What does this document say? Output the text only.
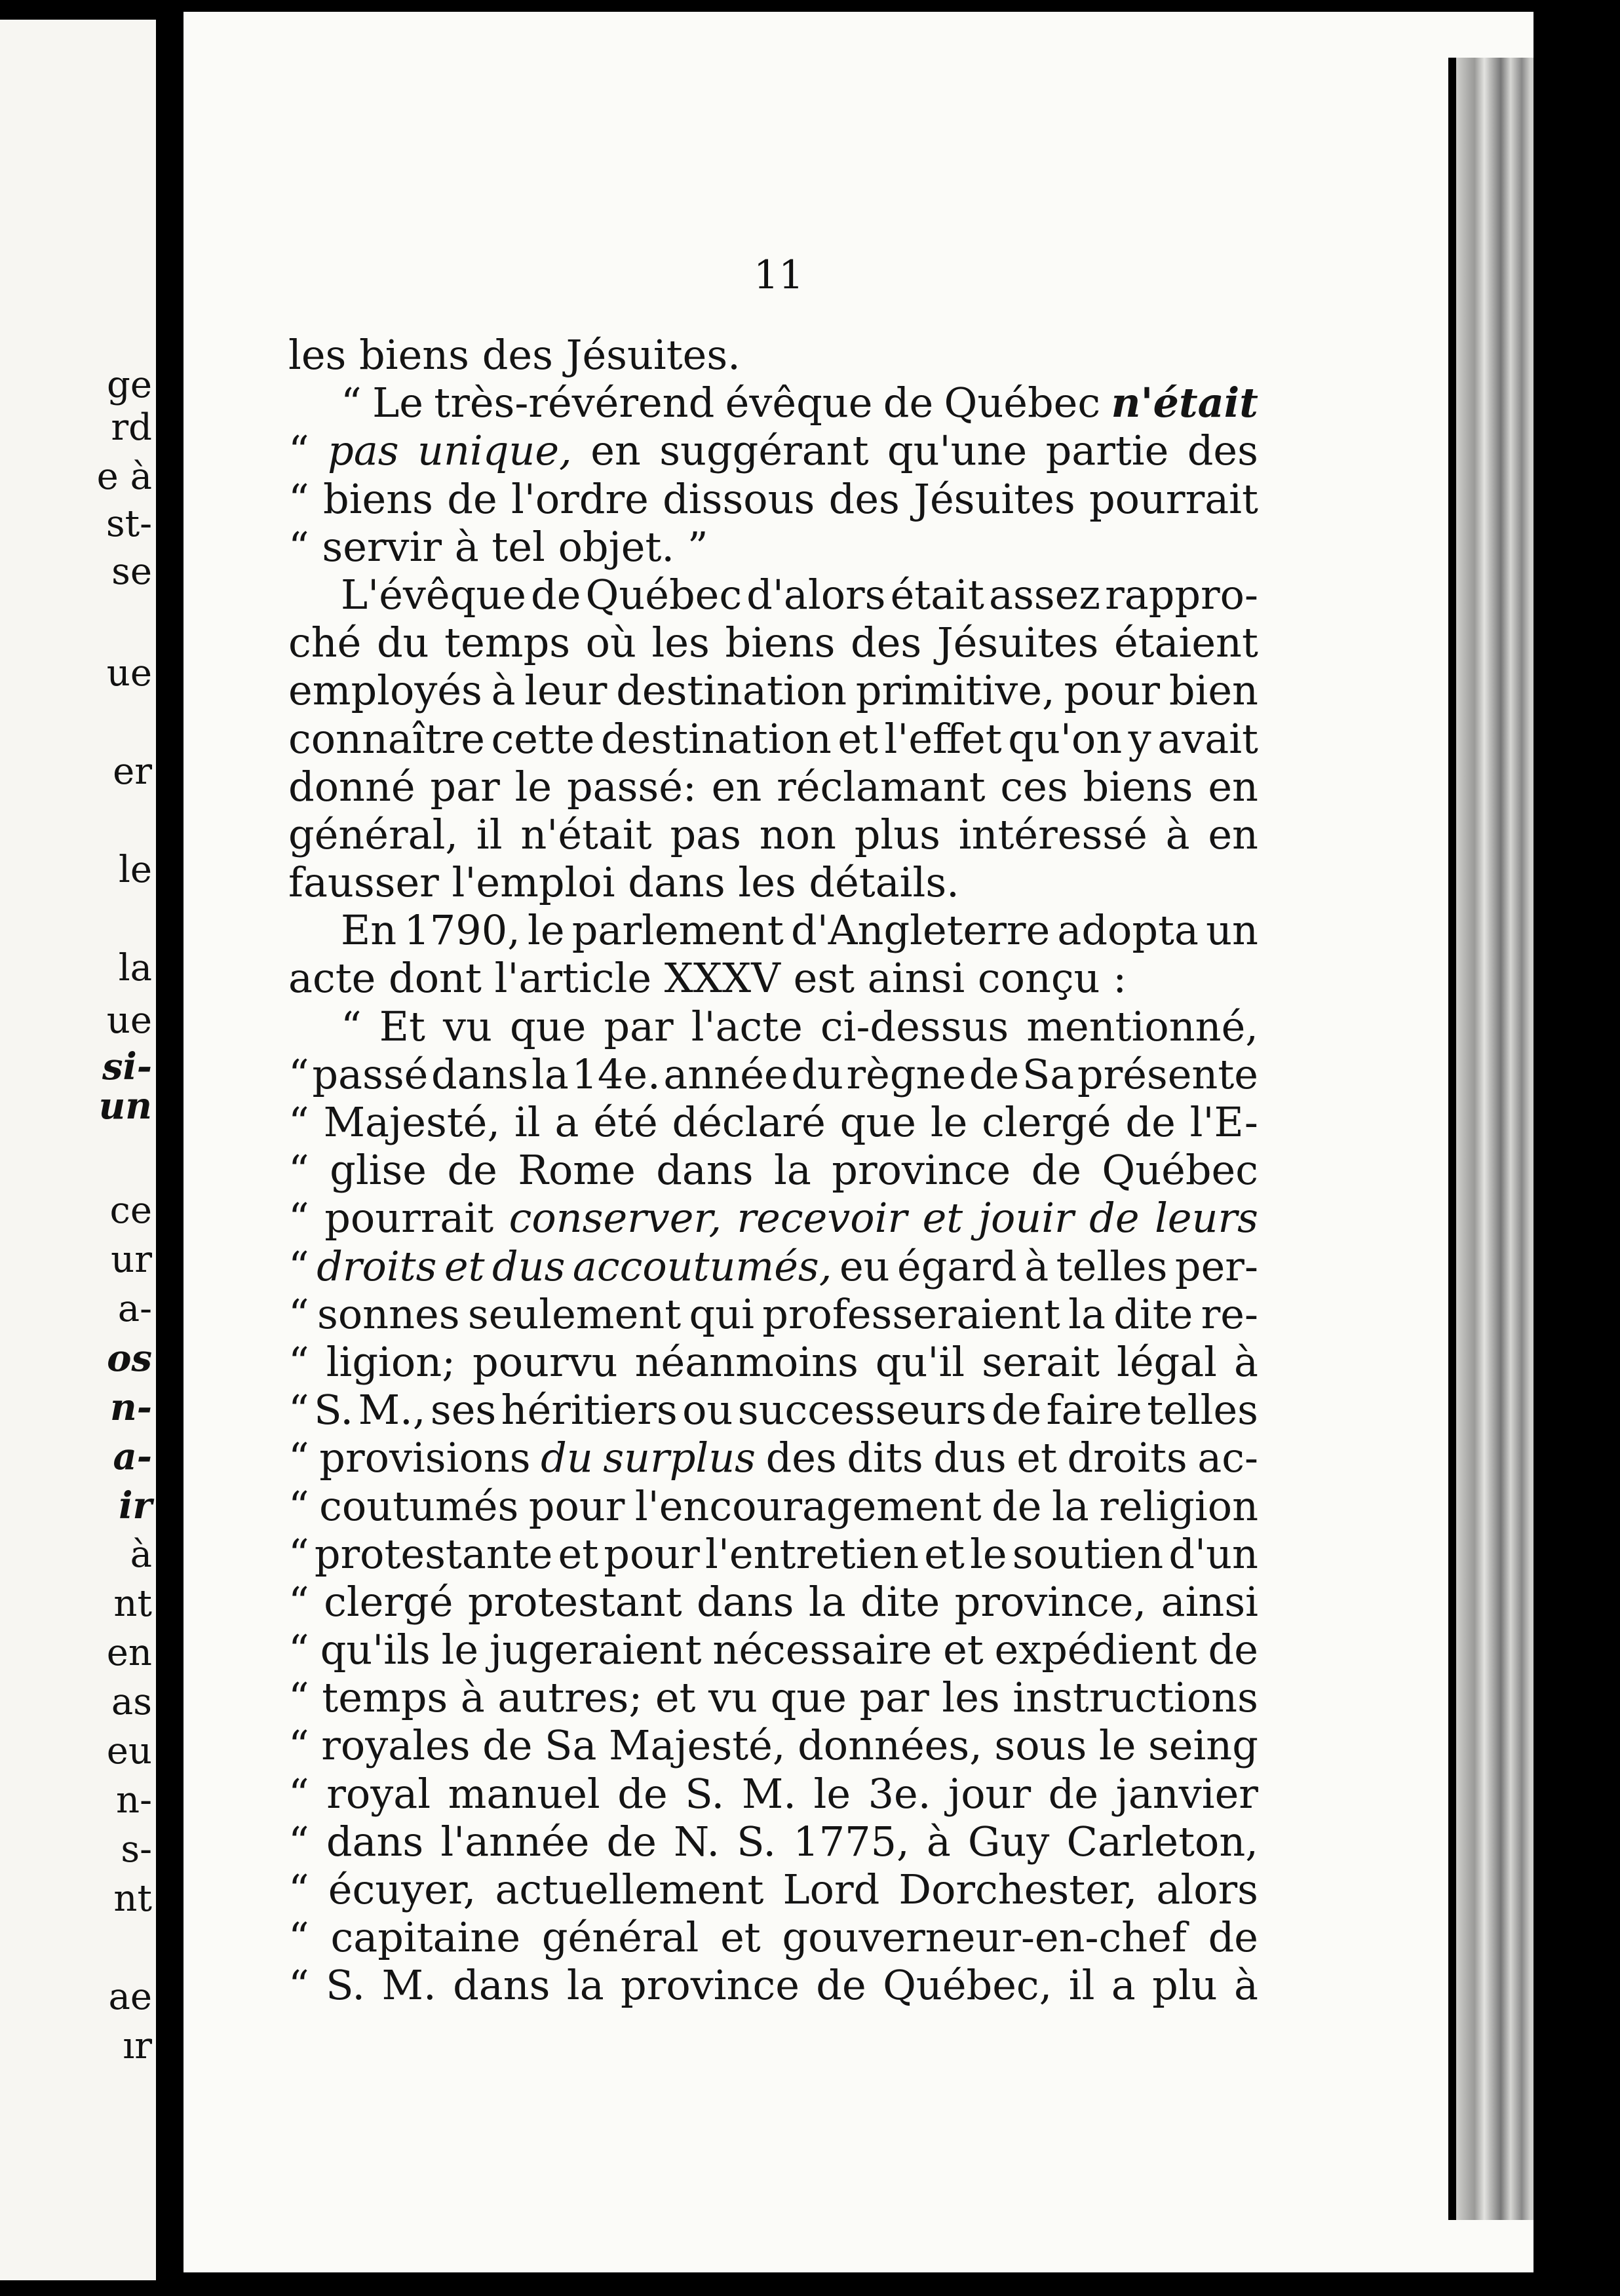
ge
rd
e à
st-
se
ue
er
le
la
ue
si-
un
ce
ur
a-
os
n-
a-
ir
à
nt
en
as
eu
n-
s-
nt
ae
ır
11
les biens des Jésuites.
“ Le très-révérend évêque de Québec n'était
“ pas unique, en suggérant qu'une partie des
“ biens de l'ordre dissous des Jésuites pourrait
“ servir à tel objet. ”
L'évêque de Québec d'alors était assez rappro-
ché du temps où les biens des Jésuites étaient
employés à leur destination primitive, pour bien
connaître cette destination et l'effet qu'on y avait
donné par le passé: en réclamant ces biens en
général, il n'était pas non plus intéressé à en
fausser l'emploi dans les détails.
En 1790, le parlement d'Angleterre adopta un
acte dont l'article XXXV est ainsi conçu :
“ Et vu que par l'acte ci-dessus mentionné,
“ passé dans la 14e. année du règne de Sa présente
“ Majesté, il a été déclaré que le clergé de l'E-
“ glise de Rome dans la province de Québec
“ pourrait conserver, recevoir et jouir de leurs
“ droits et dus accoutumés, eu égard à telles per-
“ sonnes seulement qui professeraient la dite re-
“ ligion; pourvu néanmoins qu'il serait légal à
“ S. M., ses héritiers ou successeurs de faire telles
“ provisions du surplus des dits dus et droits ac-
“ coutumés pour l'encouragement de la religion
“ protestante et pour l'entretien et le soutien d'un
“ clergé protestant dans la dite province, ainsi
“ qu'ils le jugeraient nécessaire et expédient de
“ temps à autres; et vu que par les instructions
“ royales de Sa Majesté, données, sous le seing
“ royal manuel de S. M. le 3e. jour de janvier
“ dans l'année de N. S. 1775, à Guy Carleton,
“ écuyer, actuellement Lord Dorchester, alors
“ capitaine général et gouverneur-en-chef de
“ S. M. dans la province de Québec, il a plu à
